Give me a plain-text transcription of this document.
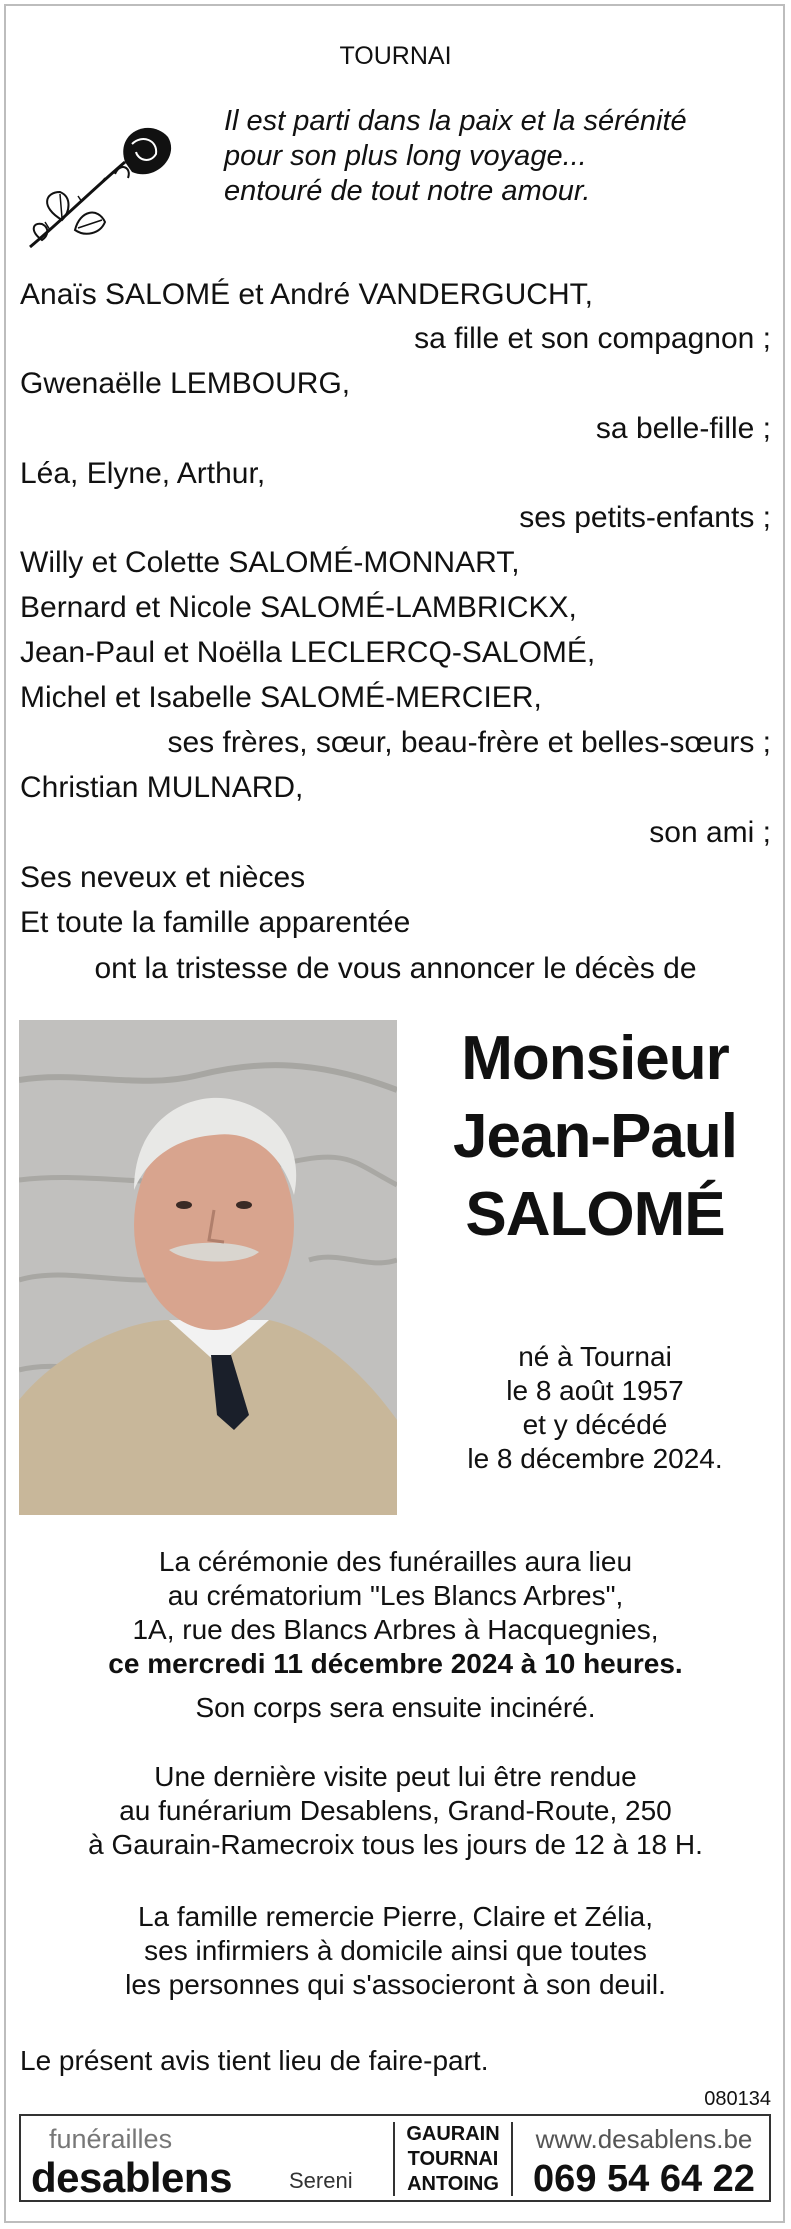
TOURNAI
Il est parti dans la paix et la sérénité
pour son plus long voyage...
entouré de tout notre amour.
Anaïs SALOMÉ et André VANDERGUCHT,
sa fille et son compagnon ;
Gwenaëlle LEMBOURG,
sa belle-fille ;
Léa, Elyne, Arthur,
ses petits-enfants ;
Willy et Colette SALOMÉ-MONNART,
Bernard et Nicole SALOMÉ-LAMBRICKX,
Jean-Paul et Noëlla LECLERCQ-SALOMÉ,
Michel et Isabelle SALOMÉ-MERCIER,
ses frères, sœur, beau-frère et belles-sœurs ;
Christian MULNARD,
son ami ;
Ses neveux et nièces
Et toute la famille apparentée
ont la tristesse de vous annoncer le décès de
Monsieur
Jean-Paul
SALOMÉ
né à Tournai
le 8 août 1957
et y décédé
le 8 décembre 2024.
La cérémonie des funérailles aura lieu
au crématorium "Les Blancs Arbres",
1A, rue des Blancs Arbres à Hacquegnies,
ce mercredi 11 décembre 2024 à 10 heures.
Son corps sera ensuite incinéré.
Une dernière visite peut lui être rendue
au funérarium Desablens, Grand-Route, 250
à Gaurain-Ramecroix tous les jours de 12 à 18 H.
La famille remercie Pierre, Claire et Zélia,
ses infirmiers à domicile ainsi que toutes
les personnes qui s'associeront à son deuil.
Le présent avis tient lieu de faire-part.
080134
funérailles
desablens	Sereni
GAURAIN
TOURNAI
ANTOING
www.desablens.be
069 54 64 22
